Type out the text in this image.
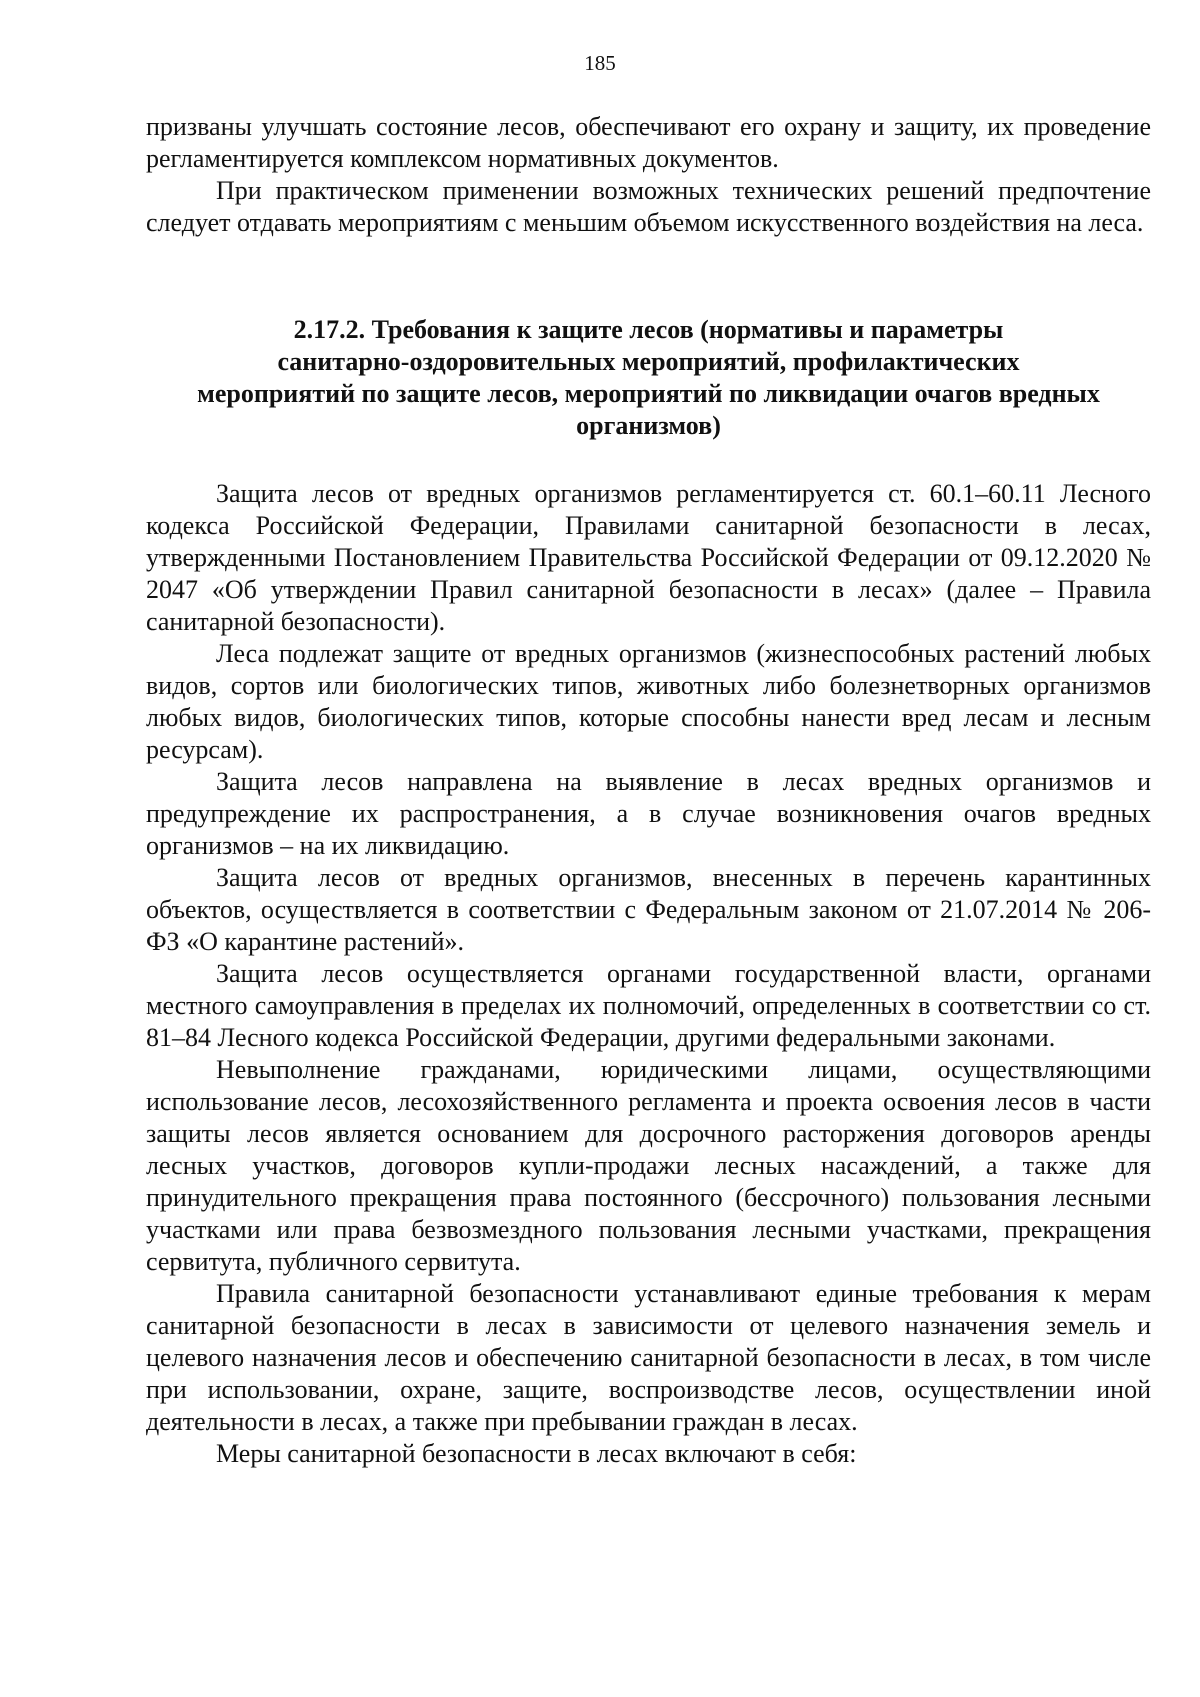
185

призваны улучшать состояние лесов, обеспечивают его охрану и защиту, их проведение регламентируется комплексом нормативных документов.

При практическом применении возможных технических решений предпочтение следует отдавать мероприятиям с меньшим объемом искусственного воздействия на леса.

2.17.2. Требования к защите лесов (нормативы и параметры
санитарно-оздоровительных мероприятий, профилактических
мероприятий по защите лесов, мероприятий по ликвидации очагов вредных
организмов)

Защита лесов от вредных организмов регламентируется ст. 60.1–60.11 Лесного кодекса Российской Федерации, Правилами санитарной безопасности в лесах, утвержденными Постановлением Правительства Российской Федерации от 09.12.2020 № 2047 «Об утверждении Правил санитарной безопасности в лесах» (далее – Правила санитарной безопасности).

Леса подлежат защите от вредных организмов (жизнеспособных растений любых видов, сортов или биологических типов, животных либо болезнетворных организмов любых видов, биологических типов, которые способны нанести вред лесам и лесным ресурсам).

Защита лесов направлена на выявление в лесах вредных организмов и предупреждение их распространения, а в случае возникновения очагов вредных организмов – на их ликвидацию.

Защита лесов от вредных организмов, внесенных в перечень карантинных объектов, осуществляется в соответствии с Федеральным законом от 21.07.2014 № 206-ФЗ «О карантине растений».

Защита лесов осуществляется органами государственной власти, органами местного самоуправления в пределах их полномочий, определенных в соответствии со ст. 81–84 Лесного кодекса Российской Федерации, другими федеральными законами.

Невыполнение гражданами, юридическими лицами, осуществляющими использование лесов, лесохозяйственного регламента и проекта освоения лесов в части защиты лесов является основанием для досрочного расторжения договоров аренды лесных участков, договоров купли-продажи лесных насаждений, а также для принудительного прекращения права постоянного (бессрочного) пользования лесными участками или права безвозмездного пользования лесными участками, прекращения сервитута, публичного сервитута.

Правила санитарной безопасности устанавливают единые требования к мерам санитарной безопасности в лесах в зависимости от целевого назначения земель и целевого назначения лесов и обеспечению санитарной безопасности в лесах, в том числе при использовании, охране, защите, воспроизводстве лесов, осуществлении иной деятельности в лесах, а также при пребывании граждан в лесах.

Меры санитарной безопасности в лесах включают в себя:
